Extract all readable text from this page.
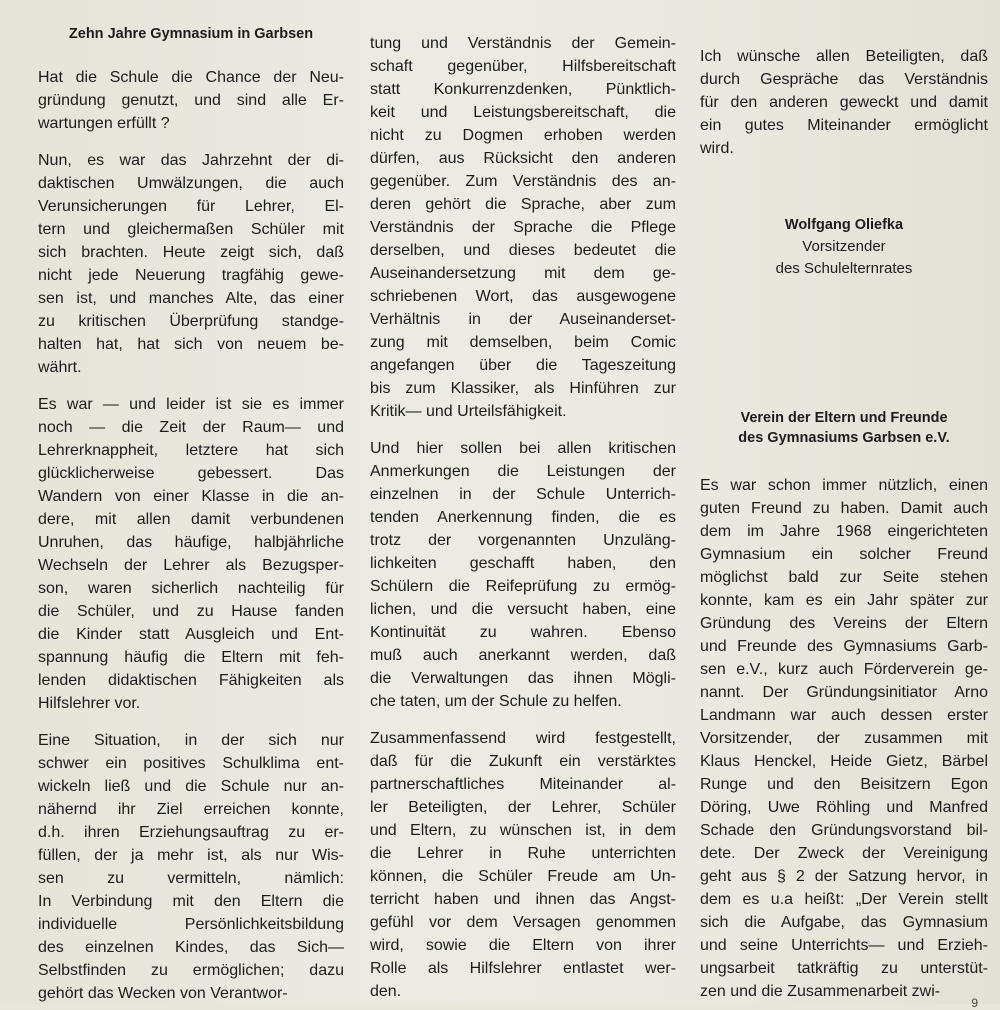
Zehn Jahre Gymnasium in Garbsen
Hat die Schule die Chance der Neu-
gründung genutzt, und sind alle Er-
wartungen erfüllt ?
Nun, es war das Jahrzehnt der di-
daktischen Umwälzungen, die auch
Verunsicherungen für Lehrer, El-
tern und gleichermaßen Schüler mit
sich brachten. Heute zeigt sich, daß
nicht jede Neuerung tragfähig gewe-
sen ist, und manches Alte, das einer
zu kritischen Überprüfung standge-
halten hat, hat sich von neuem be-
währt.
Es war — und leider ist sie es immer
noch — die Zeit der Raum— und
Lehrerknappheit, letztere hat sich
glücklicherweise gebessert. Das
Wandern von einer Klasse in die an-
dere, mit allen damit verbundenen
Unruhen, das häufige, halbjährliche
Wechseln der Lehrer als Bezugsper-
son, waren sicherlich nachteilig für
die Schüler, und zu Hause fanden
die Kinder statt Ausgleich und Ent-
spannung häufig die Eltern mit feh-
lenden didaktischen Fähigkeiten als
Hilfslehrer vor.
Eine Situation, in der sich nur
schwer ein positives Schulklima ent-
wickeln ließ und die Schule nur an-
nähernd ihr Ziel erreichen konnte,
d.h. ihren Erziehungsauftrag zu er-
füllen, der ja mehr ist, als nur Wis-
sen zu vermitteln, nämlich:
In Verbindung mit den Eltern die
individuelle Persönlichkeitsbildung
des einzelnen Kindes, das Sich—
Selbstfinden zu ermöglichen; dazu
gehört das Wecken von Verantwor-
tung und Verständnis der Gemein-
schaft gegenüber, Hilfsbereitschaft
statt Konkurrenzdenken, Pünktlich-
keit und Leistungsbereitschaft, die
nicht zu Dogmen erhoben werden
dürfen, aus Rücksicht den anderen
gegenüber. Zum Verständnis des an-
deren gehört die Sprache, aber zum
Verständnis der Sprache die Pflege
derselben, und dieses bedeutet die
Auseinandersetzung mit dem ge-
schriebenen Wort, das ausgewogene
Verhältnis in der Auseinanderset-
zung mit demselben, beim Comic
angefangen über die Tageszeitung
bis zum Klassiker, als Hinführen zur
Kritik— und Urteilsfähigkeit.
Und hier sollen bei allen kritischen
Anmerkungen die Leistungen der
einzelnen in der Schule Unterrich-
tenden Anerkennung finden, die es
trotz der vorgenannten Unzuläng-
lichkeiten geschafft haben, den
Schülern die Reifeprüfung zu ermög-
lichen, und die versucht haben, eine
Kontinuität zu wahren. Ebenso
muß auch anerkannt werden, daß
die Verwaltungen das ihnen Mögli-
che taten, um der Schule zu helfen.
Zusammenfassend wird festgestellt,
daß für die Zukunft ein verstärktes
partnerschaftliches Miteinander al-
ler Beteiligten, der Lehrer, Schüler
und Eltern, zu wünschen ist, in dem
die Lehrer in Ruhe unterrichten
können, die Schüler Freude am Un-
terricht haben und ihnen das Angst-
gefühl vor dem Versagen genommen
wird, sowie die Eltern von ihrer
Rolle als Hilfslehrer entlastet wer-
den.
Ich wünsche allen Beteiligten, daß
durch Gespräche das Verständnis
für den anderen geweckt und damit
ein gutes Miteinander ermöglicht
wird.
Wolfgang Oliefka
Vorsitzender
des Schulelternrates
Verein der Eltern und Freunde
des Gymnasiums Garbsen e.V.
Es war schon immer nützlich, einen
guten Freund zu haben. Damit auch
dem im Jahre 1968 eingerichteten
Gymnasium ein solcher Freund
möglichst bald zur Seite stehen
konnte, kam es ein Jahr später zur
Gründung des Vereins der Eltern
und Freunde des Gymnasiums Garb-
sen e.V., kurz auch Förderverein ge-
nannt. Der Gründungsinitiator Arno
Landmann war auch dessen erster
Vorsitzender, der zusammen mit
Klaus Henckel, Heide Gietz, Bärbel
Runge und den Beisitzern Egon
Döring, Uwe Röhling und Manfred
Schade den Gründungsvorstand bil-
dete. Der Zweck der Vereinigung
geht aus § 2 der Satzung hervor, in
dem es u.a heißt: „Der Verein stellt
sich die Aufgabe, das Gymnasium
und seine Unterrichts— und Erzieh-
ungsarbeit tatkräftig zu unterstüt-
zen und die Zusammenarbeit zwi-
9
